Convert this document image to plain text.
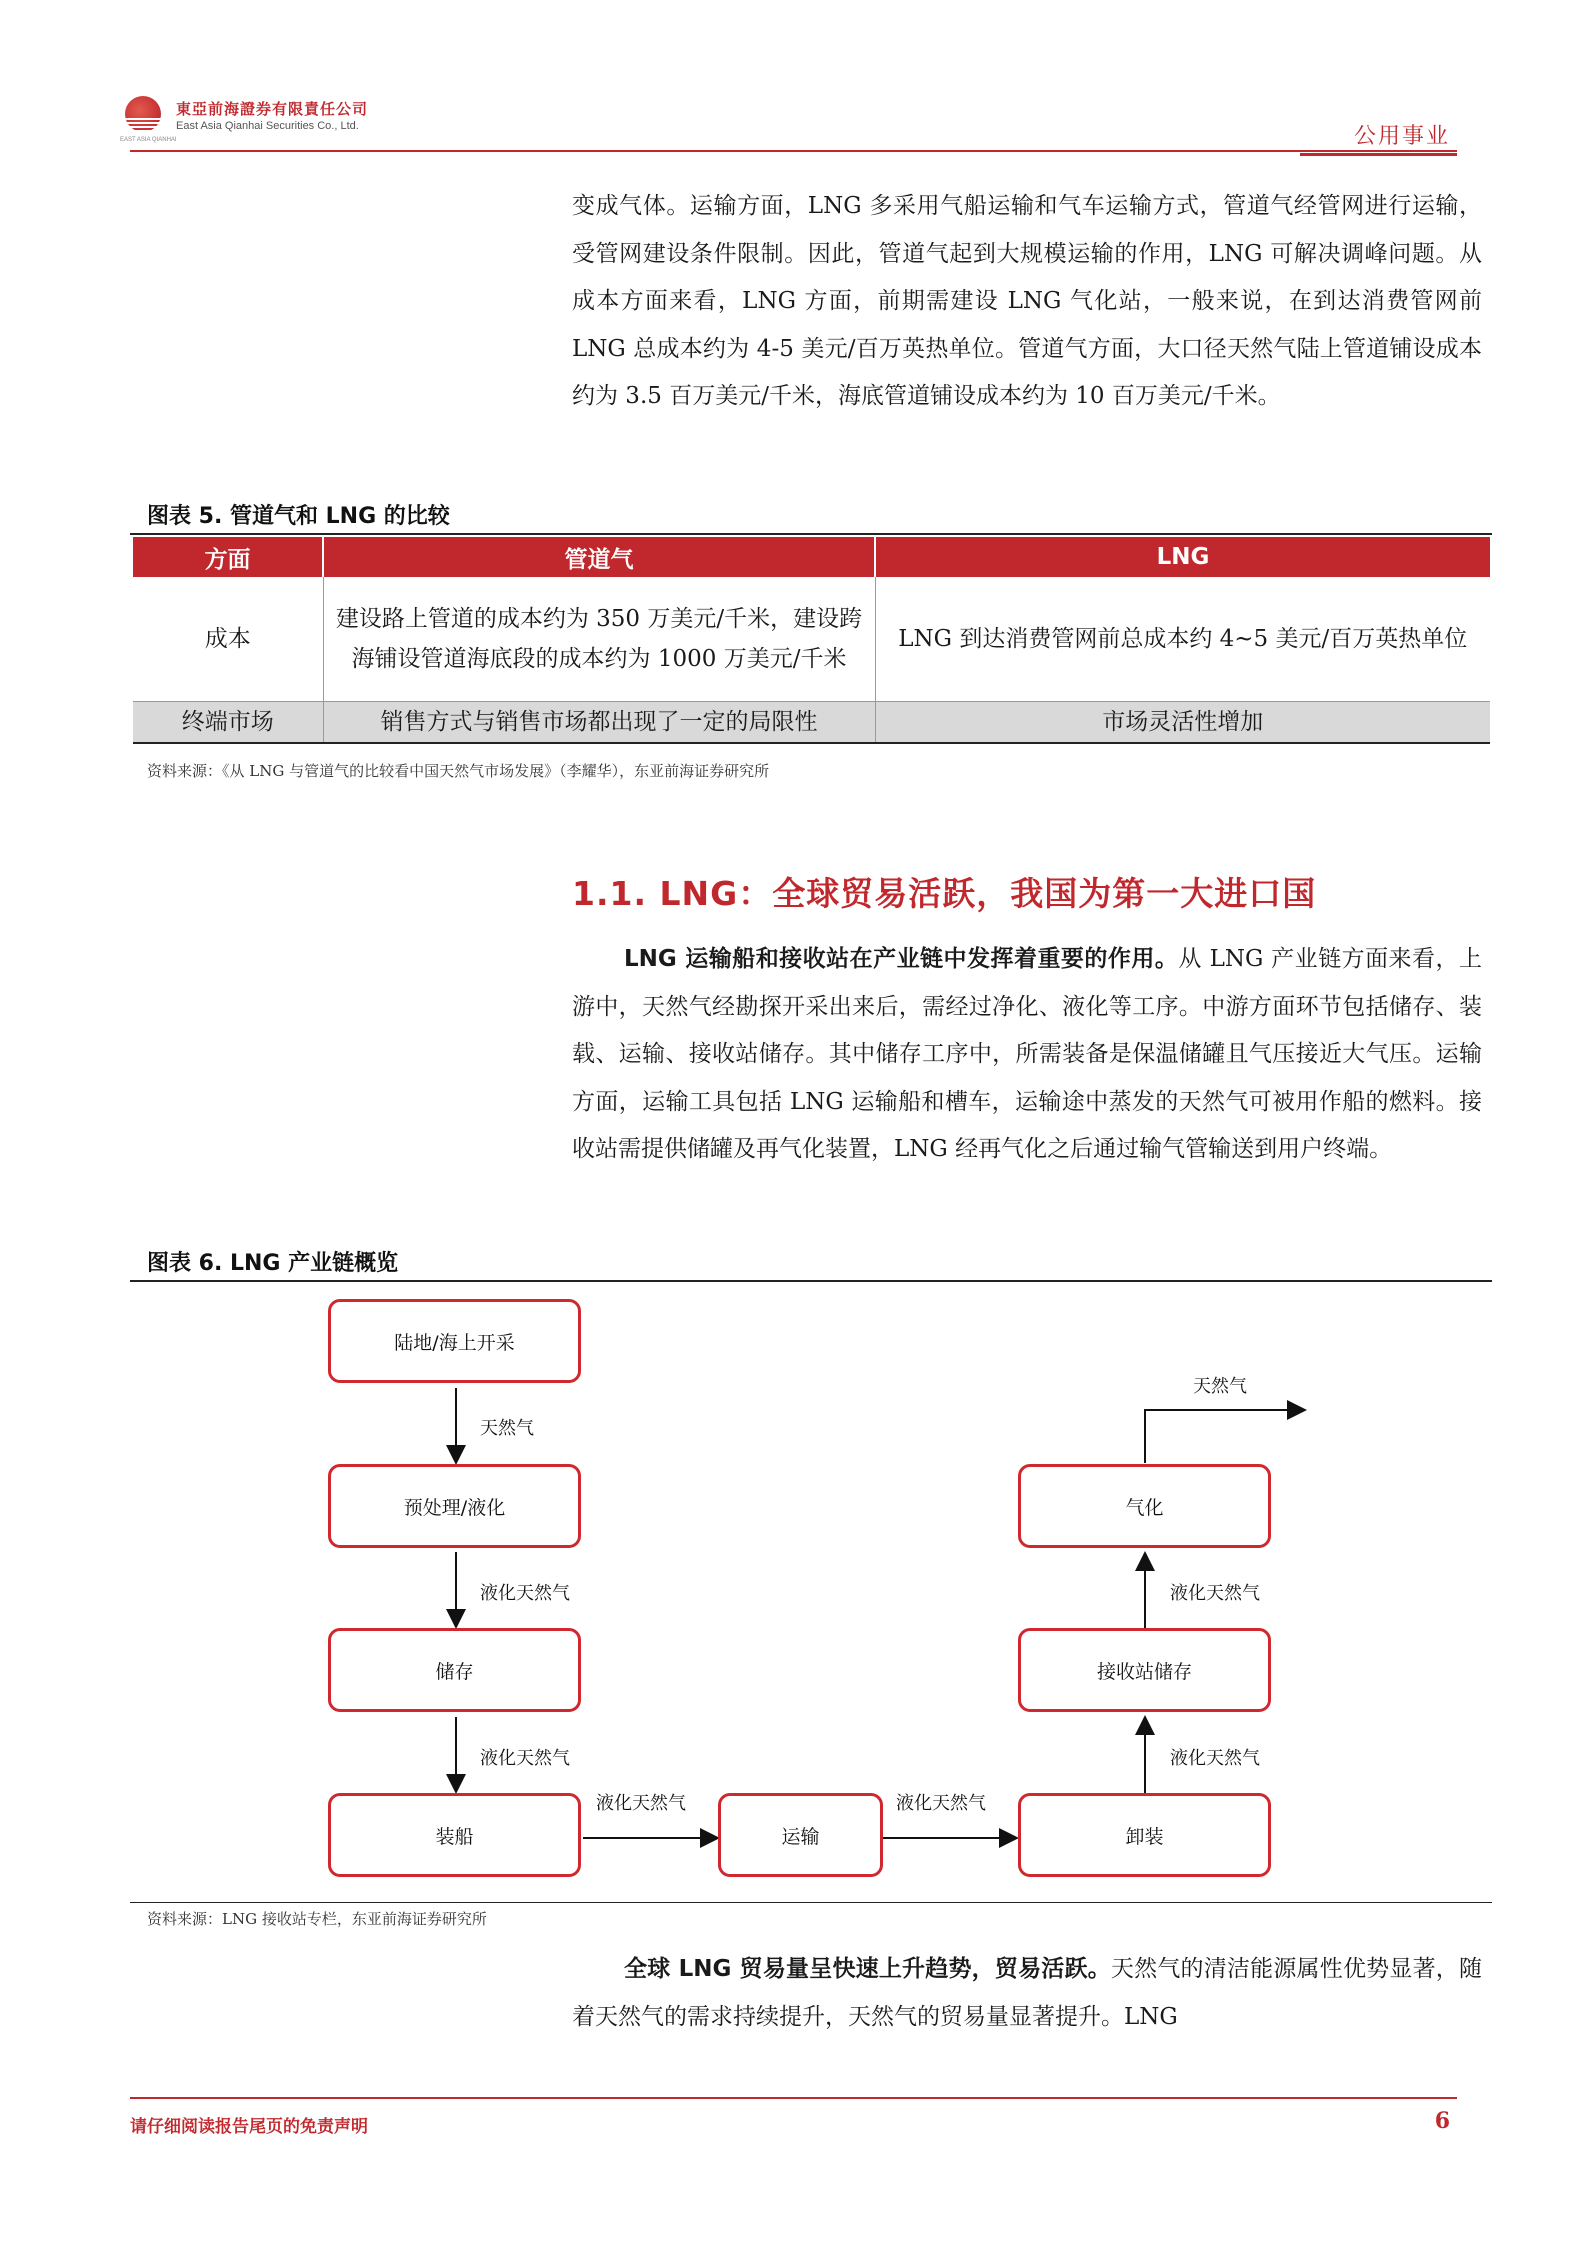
東亞前海證券有限責任公司
East Asia Qianhai Securities Co., Ltd.
EAST ASIA QIANHAI	公用事业
变成气体。运输方面，LNG 多采用气船运输和气车运输方式，管道气经管网进行运输，受管网建设条件限制。因此，管道气起到大规模运输的作用，LNG 可解决调峰问题。从成本方面来看，LNG 方面，前期需建设 LNG 气化站，一般来说，在到达消费管网前 LNG 总成本约为 4-5 美元/百万英热单位。管道气方面，大口径天然气陆上管道铺设成本约为 3.5 百万美元/千米，海底管道铺设成本约为 10 百万美元/千米。
图表 5. 管道气和 LNG 的比较
方面	管道气	LNG
成本	建设路上管道的成本约为 350 万美元/千米，建设跨海铺设管道海底段的成本约为 1000 万美元/千米	LNG 到达消费管网前总成本约 4~5 美元/百万英热单位
终端市场	销售方式与销售市场都出现了一定的局限性	市场灵活性增加
资料来源：《从 LNG 与管道气的比较看中国天然气市场发展》（李耀华），东亚前海证券研究所
1.1. LNG：全球贸易活跃，我国为第一大进口国
LNG 运输船和接收站在产业链中发挥着重要的作用。从 LNG 产业链方面来看，上游中，天然气经勘探开采出来后，需经过净化、液化等工序。中游方面环节包括储存、装载、运输、接收站储存。其中储存工序中，所需装备是保温储罐且气压接近大气压。运输方面，运输工具包括 LNG 运输船和槽车，运输途中蒸发的天然气可被用作船的燃料。接收站需提供储罐及再气化装置，LNG 经再气化之后通过输气管输送到用户终端。
图表 6. LNG 产业链概览
陆地/海上开采
预处理/液化
储存
装船	运输	卸装
接收站储存
气化
天然气
液化天然气
液化天然气
液化天然气	液化天然气
液化天然气
液化天然气
天然气
资料来源：LNG 接收站专栏，东亚前海证券研究所
全球 LNG 贸易量呈快速上升趋势，贸易活跃。天然气的清洁能源属性优势显著，随着天然气的需求持续提升，天然气的贸易量显著提升。LNG
请仔细阅读报告尾页的免责声明	6
